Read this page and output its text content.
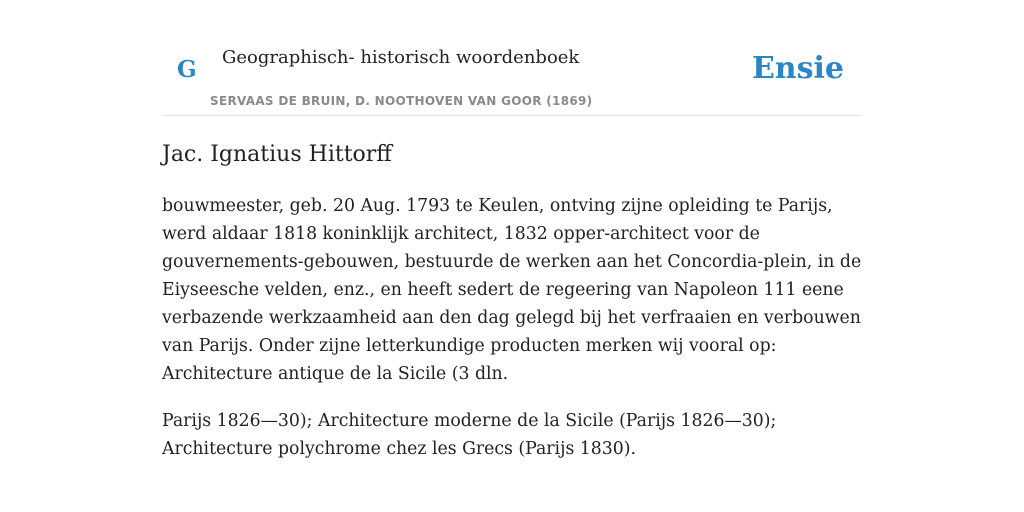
G Geographisch- historisch woordenboek
SERVAAS DE BRUIN, D. NOOTHOVEN VAN GOOR (1869)
Ensie
Jac. Ignatius Hittorff

bouwmeester, geb. 20 Aug. 1793 te Keulen, ontving zijne opleiding te Parijs, werd aldaar 1818 koninklijk architect, 1832 opper-architect voor de gouvernements-gebouwen, bestuurde de werken aan het Concordia-plein, in de Eiyseesche velden, enz., en heeft sedert de regeering van Napoleon 111 eene verbazende werkzaamheid aan den dag gelegd bij het verfraaien en verbouwen van Parijs. Onder zijne letterkundige producten merken wij vooral op: Architecture antique de la Sicile (3 dln.

Parijs 1826—30); Architecture moderne de la Sicile (Parijs 1826—30); Architecture polychrome chez les Grecs (Parijs 1830).
